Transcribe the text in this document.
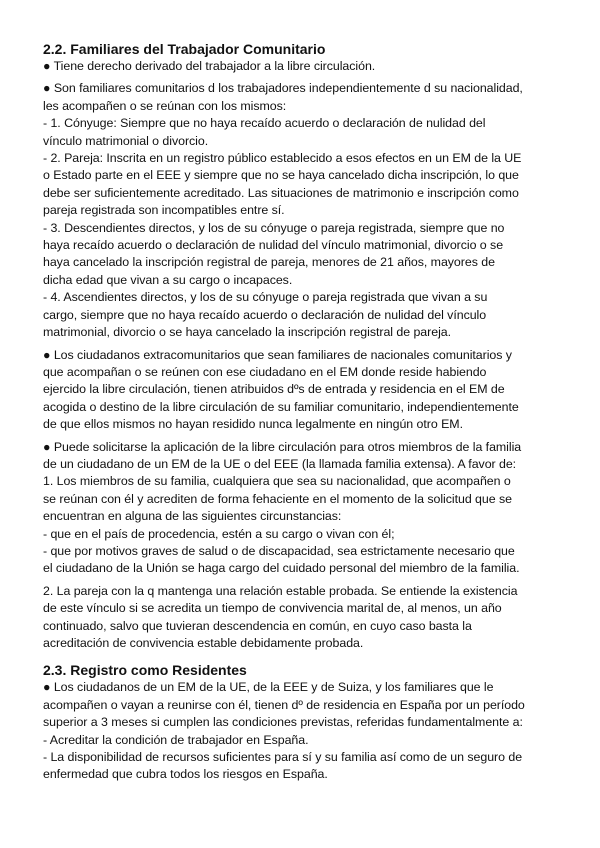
2.2. Familiares del Trabajador Comunitario

● Tiene derecho derivado del trabajador a la libre circulación.

● Son familiares comunitarios d los trabajadores independientemente d su nacionalidad,
les acompañen o se reúnan con los mismos:
- 1. Cónyuge: Siempre que no haya recaído acuerdo o declaración de nulidad del
vínculo matrimonial o divorcio.
- 2. Pareja: Inscrita en un registro público establecido a esos efectos en un EM de la UE
o Estado parte en el EEE y siempre que no se haya cancelado dicha inscripción, lo que
debe ser suficientemente acreditado. Las situaciones de matrimonio e inscripción como
pareja registrada son incompatibles entre sí.
- 3. Descendientes directos, y los de su cónyuge o pareja registrada, siempre que no
haya recaído acuerdo o declaración de nulidad del vínculo matrimonial, divorcio o se
haya cancelado la inscripción registral de pareja, menores de 21 años, mayores de
dicha edad que vivan a su cargo o incapaces.
- 4. Ascendientes directos, y los de su cónyuge o pareja registrada que vivan a su
cargo, siempre que no haya recaído acuerdo o declaración de nulidad del vínculo
matrimonial, divorcio o se haya cancelado la inscripción registral de pareja.

● Los ciudadanos extracomunitarios que sean familiares de nacionales comunitarios y
que acompañan o se reúnen con ese ciudadano en el EM donde reside habiendo
ejercido la libre circulación, tienen atribuidos dºs de entrada y residencia en el EM de
acogida o destino de la libre circulación de su familiar comunitario, independientemente
de que ellos mismos no hayan residido nunca legalmente en ningún otro EM.

● Puede solicitarse la aplicación de la libre circulación para otros miembros de la familia
de un ciudadano de un EM de la UE o del EEE (la llamada familia extensa). A favor de:
1. Los miembros de su familia, cualquiera que sea su nacionalidad, que acompañen o
se reúnan con él y acrediten de forma fehaciente en el momento de la solicitud que se
encuentran en alguna de las siguientes circunstancias:
- que en el país de procedencia, estén a su cargo o vivan con él;
- que por motivos graves de salud o de discapacidad, sea estrictamente necesario que
el ciudadano de la Unión se haga cargo del cuidado personal del miembro de la familia.

2. La pareja con la q mantenga una relación estable probada. Se entiende la existencia
de este vínculo si se acredita un tiempo de convivencia marital de, al menos, un año
continuado, salvo que tuvieran descendencia en común, en cuyo caso basta la
acreditación de convivencia estable debidamente probada.

2.3. Registro como Residentes

● Los ciudadanos de un EM de la UE, de la EEE y de Suiza, y los familiares que le
acompañen o vayan a reunirse con él, tienen dº de residencia en España por un período
superior a 3 meses si cumplen las condiciones previstas, referidas fundamentalmente a:
- Acreditar la condición de trabajador en España.
- La disponibilidad de recursos suficientes para sí y su familia así como de un seguro de
enfermedad que cubra todos los riesgos en España.
